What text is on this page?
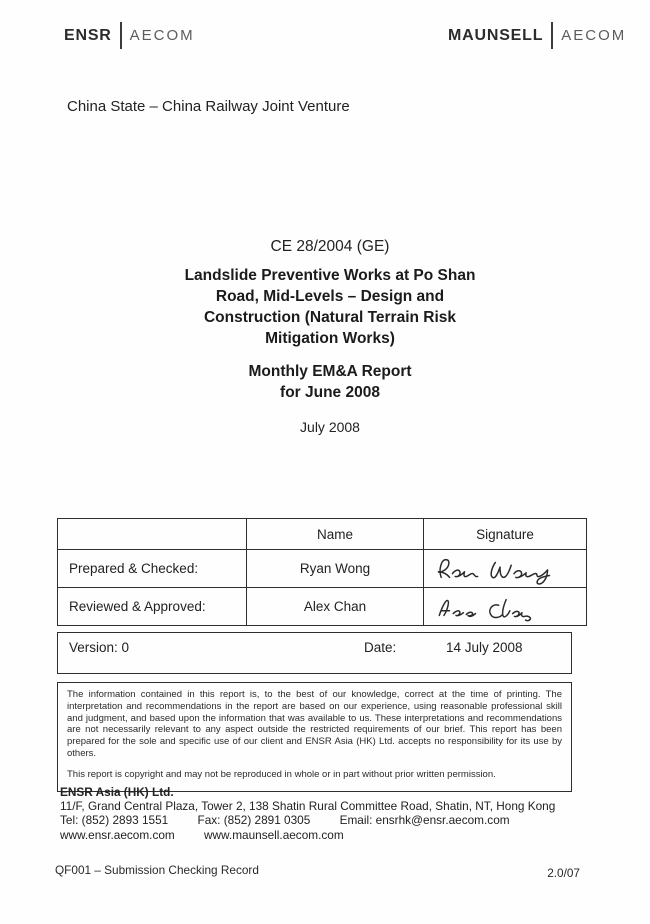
ENSR AECOM	MAUNSELL AECOM
China State – China Railway Joint Venture
CE 28/2004 (GE)
Landslide Preventive Works at Po Shan
Road, Mid-Levels – Design and
Construction (Natural Terrain Risk
Mitigation Works)
Monthly EM&A Report
for June 2008
July 2008
	Name	Signature
Prepared & Checked:	Ryan Wong	

Reviewed & Approved:	Alex Chan	
Version: 0	Date:	14 July 2008

The information contained in this report is, to the best of our knowledge, correct at the time of printing. The interpretation and recommendations in the report are based on our experience, using reasonable professional skill and judgment, and based upon the information that was available to us. These interpretations and recommendations are not necessarily relevant to any aspect outside the restricted requirements of our brief. This report has been prepared for the sole and specific use of our client and ENSR Asia (HK) Ltd. accepts no responsibility for its use by others.

This report is copyright and may not be reproduced in whole or in part without prior written permission.

ENSR Asia (HK) Ltd.
11/F, Grand Central Plaza, Tower 2, 138 Shatin Rural Committee Road, Shatin, NT, Hong Kong
Tel: (852) 2893 1551 Fax: (852) 2891 0305 Email: ensrhk@ensr.aecom.com
www.ensr.aecom.com www.maunsell.aecom.com
QF001 – Submission Checking Record	2.0/07
